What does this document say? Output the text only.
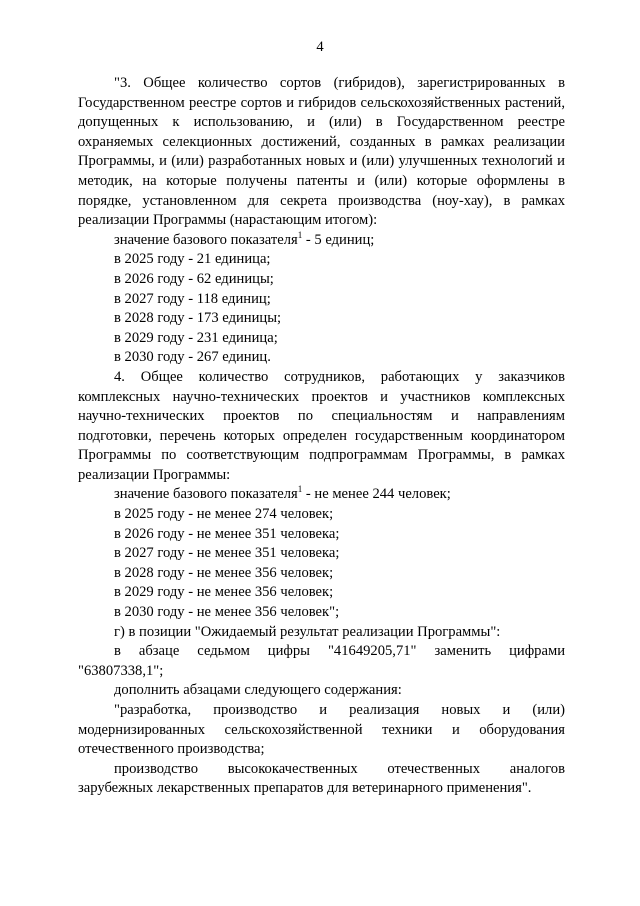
4

"3. Общее количество сортов (гибридов), зарегистрированных в Государственном реестре сортов и гибридов сельскохозяйственных растений, допущенных к использованию, и (или) в Государственном реестре охраняемых селекционных достижений, созданных в рамках реализации Программы, и (или) разработанных новых и (или) улучшенных технологий и методик, на которые получены патенты и (или) которые оформлены в порядке, установленном для секрета производства (ноу-хау), в рамках реализации Программы (нарастающим итогом):

значение базового показателя$^1$ - 5 единиц;

в 2025 году - 21 единица;

в 2026 году - 62 единицы;

в 2027 году - 118 единиц;

в 2028 году - 173 единицы;

в 2029 году - 231 единица;

в 2030 году - 267 единиц.

4. Общее количество сотрудников, работающих у заказчиков комплексных научно-технических проектов и участников комплексных научно-технических проектов по специальностям и направлениям подготовки, перечень которых определен государственным координатором Программы по соответствующим подпрограммам Программы, в рамках реализации Программы:

значение базового показателя$^1$ - не менее 244 человек;

в 2025 году - не менее 274 человек;

в 2026 году - не менее 351 человека;

в 2027 году - не менее 351 человека;

в 2028 году - не менее 356 человек;

в 2029 году - не менее 356 человек;

в 2030 году - не менее 356 человек";

г) в позиции "Ожидаемый результат реализации Программы":

в абзаце седьмом цифры "41649205,71" заменить цифрами "63807338,1";

дополнить абзацами следующего содержания:

"разработка, производство и реализация новых и (или) модернизированных сельскохозяйственной техники и оборудования отечественного производства;

производство высококачественных отечественных аналогов зарубежных лекарственных препаратов для ветеринарного применения".
